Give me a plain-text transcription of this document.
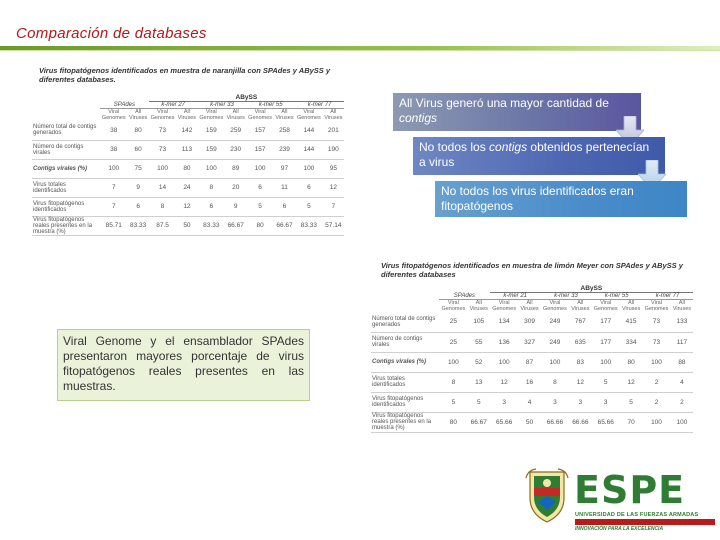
Comparación de databases
Virus fitopatógenos identificados en muestra de naranjilla con SPAdes y ABySS y diferentes databases.
			ABySS							
	SPAdes		k-mer 27		k-mer 33		k-mer 55		k-mer 77	
	Viral Genomes	All Viruses	Viral Genomes	All Viruses	Viral Genomes	All Viruses	Viral Genomes	All Viruses	Viral Genomes	All Viruses
Número total de contigs generados	38	80	73	142	159	259	157	258	144	201
Número de contigs virales	38	60	73	113	159	230	157	239	144	190
Contigs virales (%)	100	75	100	80	100	89	100	97	100	95
Virus totales identificados	7	9	14	24	8	20	6	11	6	12
Virus fitopatógenos identificados	7	6	8	12	6	9	5	6	5	7
Virus fitopatógenos reales presentes en la muestra (%)	85.71	83.33	87.5	50	83.33	66.67	80	66.67	83.33	57.14
Virus fitopatógenos identificados en muestra de limón Meyer con SPAdes y ABySS y diferentes databases
			ABySS							
	SPAdes		k-mer 21		k-mer 33		k-mer 55		k-mer 77	
	Viral Genomes	All Viruses	Viral Genomes	All Viruses	Viral Genomes	All Viruses	Viral Genomes	All Viruses	Viral Genomes	All Viruses
Número total de contigs generados	25	105	134	309	249	767	177	415	73	133
Número de contigs virales	25	55	136	327	249	635	177	334	73	117
Contigs virales (%)	100	52	100	87	100	83	100	80	100	88
Virus totales identificados	8	13	12	16	8	12	5	12	2	4
Virus fitopatógenos identificados	5	5	3	4	3	3	3	5	2	2
Virus fitopatógenos reales presentes en la muestra (%)	80	66.67	65.66	50	66.66	66.66	65.66	70	100	100
All Virus generó una mayor cantidad de contigs
No todos los contigs obtenidos pertenecían a virus
No todos los virus identificados eran fitopatógenos
Viral Genome y el ensamblador SPAdes presentaron mayores porcentaje de virus fitopatógenos reales presentes en las muestras.
ESPE
UNIVERSIDAD DE LAS FUERZAS ARMADAS
INNOVACIÓN PARA LA EXCELENCIA
